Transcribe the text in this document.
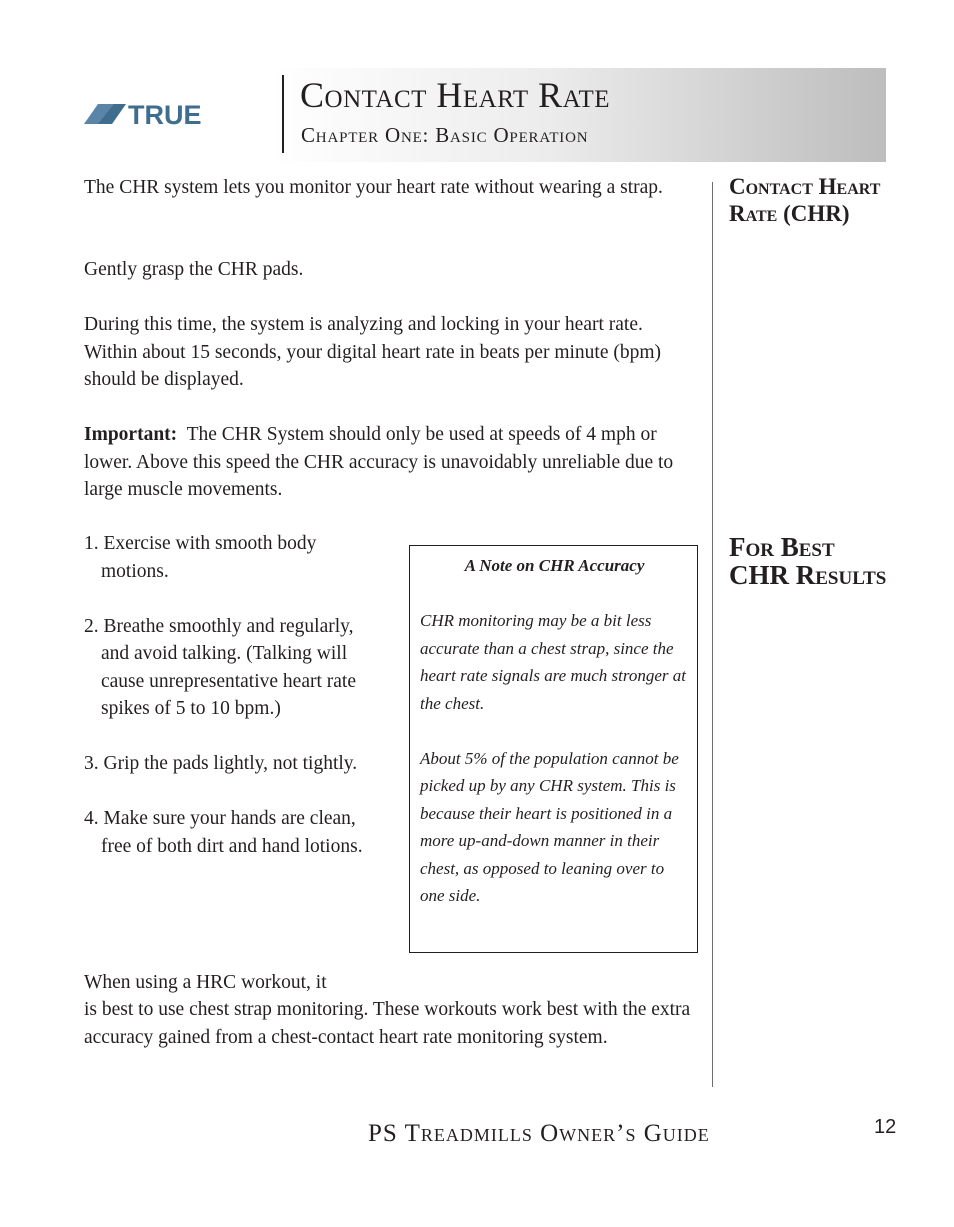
TRUE	Contact Heart Rate
Chapter One: Basic Operation
The CHR system lets you monitor your heart rate without wearing a strap.
Gently grasp the CHR pads.
During this time, the system is analyzing and locking in your heart rate. Within about 15 seconds, your digital heart rate in beats per minute (bpm) should be displayed.
Important: The CHR System should only be used at speeds of 4 mph or lower. Above this speed the CHR accuracy is unavoidably unreliable due to large muscle movements.
1. Exercise with smooth body motions.
2. Breathe smoothly and regularly, and avoid talking. (Talking will cause unrepresentative heart rate spikes of 5 to 10 bpm.)
3. Grip the pads lightly, not tightly.
4. Make sure your hands are clean, free of both dirt and hand lotions.
A Note on CHR Accuracy
CHR monitoring may be a bit less accurate than a chest strap, since the heart rate signals are much stronger at the chest.
About 5% of the population cannot be picked up by any CHR system. This is because their heart is positioned in a more up-and-down manner in their chest, as opposed to leaning over to one side.
When using a HRC workout, it
is best to use chest strap monitoring. These workouts work best with the extra accuracy gained from a chest-contact heart rate monitoring system.
Contact Heart Rate (CHR)
For Best CHR Results
PS Treadmills Owner’s Guide	12
